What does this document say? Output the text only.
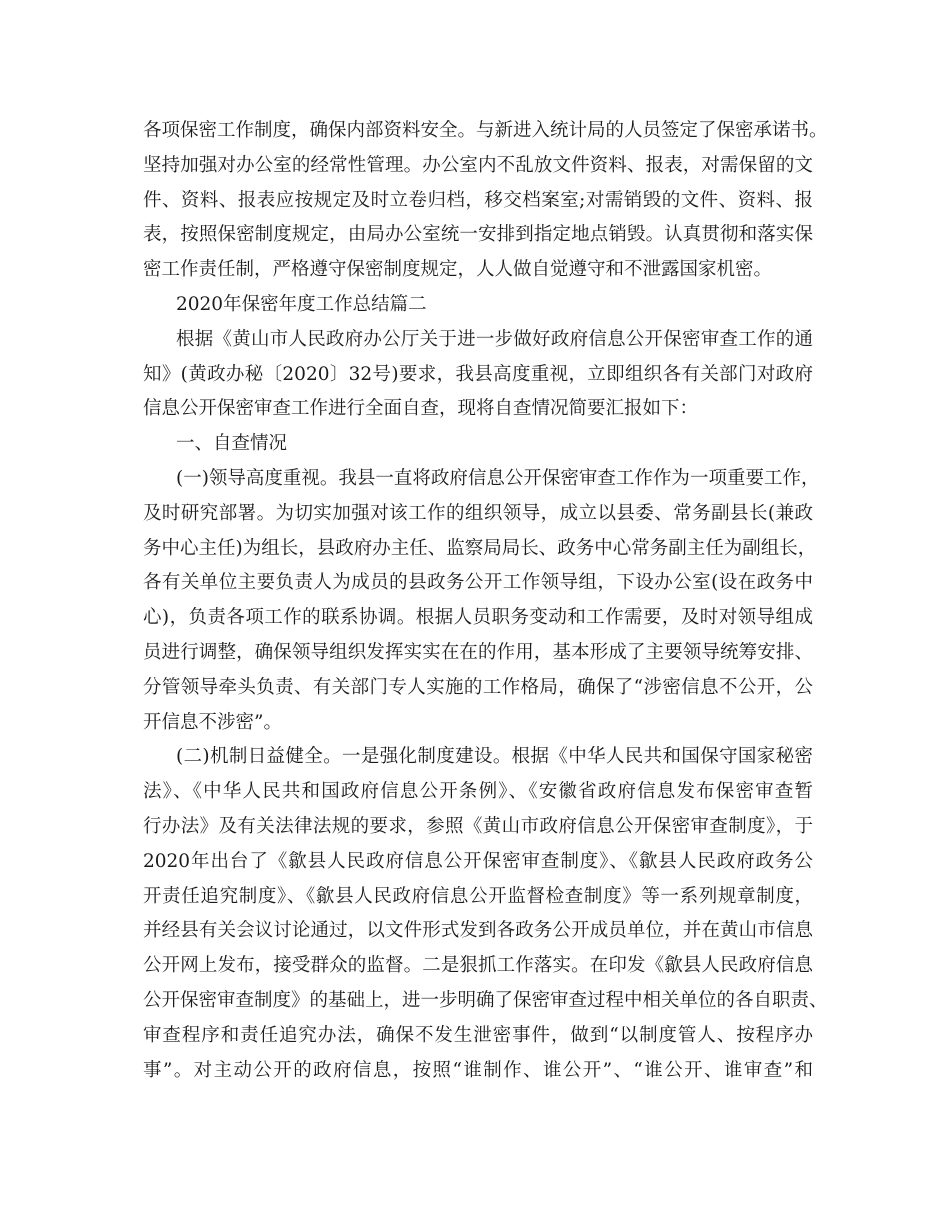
各项保密工作制度，确保内部资料安全。与新进入统计局的人员签定了保密承诺书。
坚持加强对办公室的经常性管理。办公室内不乱放文件资料、报表，对需保留的文
件、资料、报表应按规定及时立卷归档，移交档案室;对需销毁的文件、资料、报
表，按照保密制度规定，由局办公室统一安排到指定地点销毁。认真贯彻和落实保
密工作责任制，严格遵守保密制度规定，人人做自觉遵守和不泄露国家机密。
2020年保密年度工作总结篇二
根据《黄山市人民政府办公厅关于进一步做好政府信息公开保密审查工作的通
知》(黄政办秘〔2020〕32号)要求，我县高度重视，立即组织各有关部门对政府
信息公开保密审查工作进行全面自查，现将自查情况简要汇报如下：
一、自查情况
(一)领导高度重视。我县一直将政府信息公开保密审查工作作为一项重要工作，
及时研究部署。为切实加强对该工作的组织领导，成立以县委、常务副县长(兼政
务中心主任)为组长，县政府办主任、监察局局长、政务中心常务副主任为副组长，
各有关单位主要负责人为成员的县政务公开工作领导组，下设办公室(设在政务中
心)，负责各项工作的联系协调。根据人员职务变动和工作需要，及时对领导组成
员进行调整，确保领导组织发挥实实在在的作用，基本形成了主要领导统筹安排、
分管领导牵头负责、有关部门专人实施的工作格局，确保了“涉密信息不公开，公
开信息不涉密”。
(二)机制日益健全。一是强化制度建设。根据《中华人民共和国保守国家秘密
法》、《中华人民共和国政府信息公开条例》、《安徽省政府信息发布保密审查暂
行办法》及有关法律法规的要求，参照《黄山市政府信息公开保密审查制度》，于
2020年出台了《歙县人民政府信息公开保密审查制度》、《歙县人民政府政务公
开责任追究制度》、《歙县人民政府信息公开监督检查制度》等一系列规章制度，
并经县有关会议讨论通过，以文件形式发到各政务公开成员单位，并在黄山市信息
公开网上发布，接受群众的监督。二是狠抓工作落实。在印发《歙县人民政府信息
公开保密审查制度》的基础上，进一步明确了保密审查过程中相关单位的各自职责、
审查程序和责任追究办法，确保不发生泄密事件，做到“以制度管人、按程序办
事”。对主动公开的政府信息，按照“谁制作、谁公开”、“谁公开、谁审查”和
